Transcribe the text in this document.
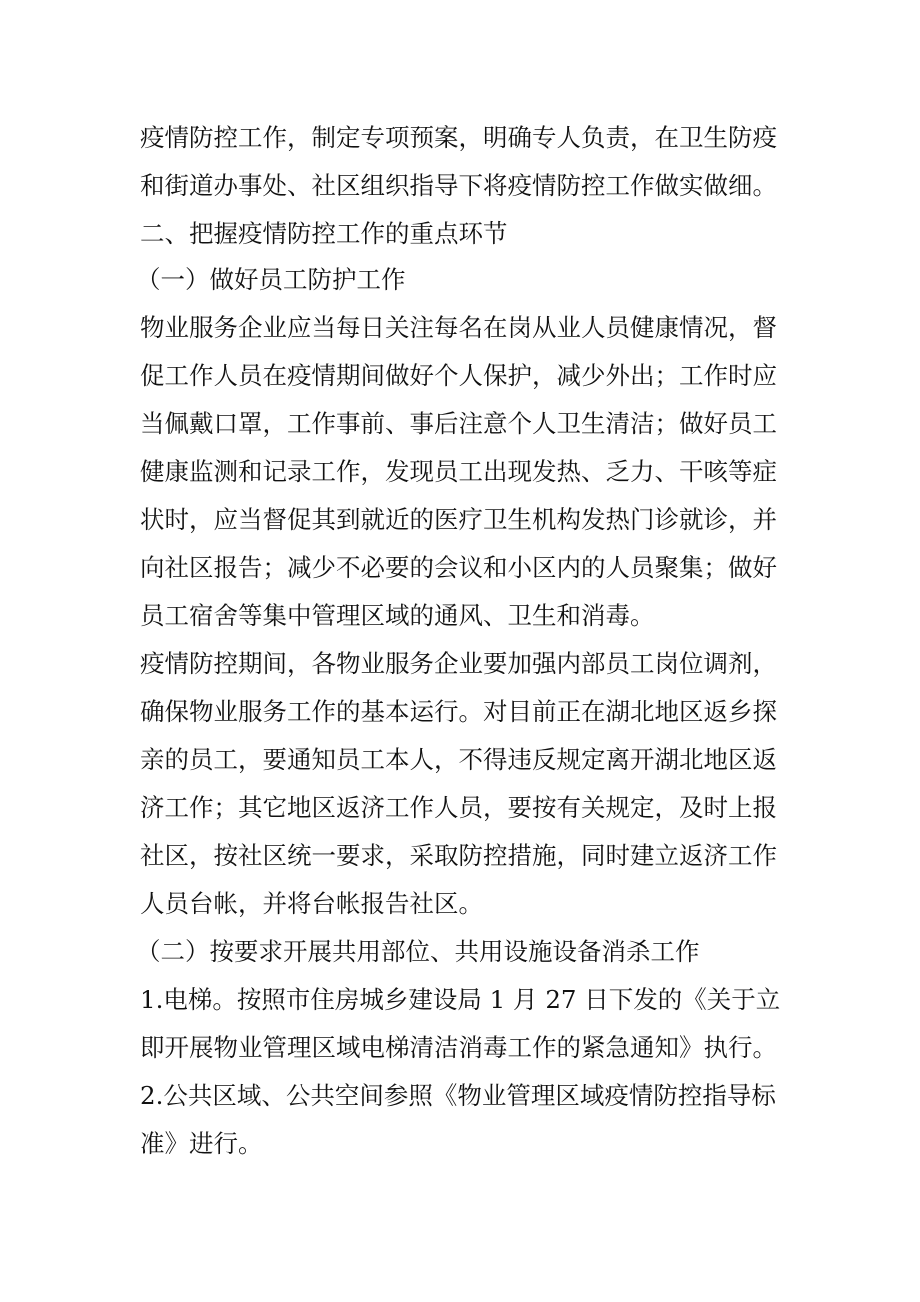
疫情防控工作，制定专项预案，明确专人负责，在卫生防疫
和街道办事处、社区组织指导下将疫情防控工作做实做细。
二、把握疫情防控工作的重点环节
（一）做好员工防护工作
物业服务企业应当每日关注每名在岗从业人员健康情况，督
促工作人员在疫情期间做好个人保护，减少外出；工作时应
当佩戴口罩，工作事前、事后注意个人卫生清洁；做好员工
健康监测和记录工作，发现员工出现发热、乏力、干咳等症
状时，应当督促其到就近的医疗卫生机构发热门诊就诊，并
向社区报告；减少不必要的会议和小区内的人员聚集；做好
员工宿舍等集中管理区域的通风、卫生和消毒。
疫情防控期间，各物业服务企业要加强内部员工岗位调剂，
确保物业服务工作的基本运行。对目前正在湖北地区返乡探
亲的员工，要通知员工本人，不得违反规定离开湖北地区返
济工作；其它地区返济工作人员，要按有关规定，及时上报
社区，按社区统一要求，采取防控措施，同时建立返济工作
人员台帐，并将台帐报告社区。
（二）按要求开展共用部位、共用设施设备消杀工作
1.电梯。按照市住房城乡建设局 1 月 27 日下发的《关于立
即开展物业管理区域电梯清洁消毒工作的紧急通知》执行。
2.公共区域、公共空间参照《物业管理区域疫情防控指导标
准》进行。
